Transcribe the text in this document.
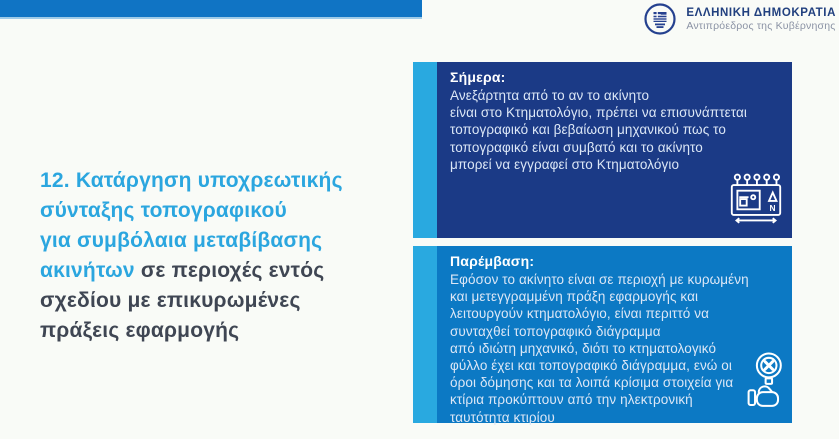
ΕΛΛΗΝΙΚΗ ΔΗΜΟΚΡΑΤΙΑ
Αντιπρόεδρος της Κυβέρνησης
12. Κατάργηση υποχρεωτικής
σύνταξης τοπογραφικού
για συμβόλαια μεταβίβασης
ακινήτων σε περιοχές εντός
σχεδίου με επικυρωμένες
πράξεις εφαρμογής
Σήμερα:
Ανεξάρτητα από το αν το ακίνητο
είναι στο Κτηματολόγιο, πρέπει να επισυνάπτεται
τοπογραφικό και βεβαίωση μηχανικού πως το
τοπογραφικό είναι συμβατό και το ακίνητο
μπορεί να εγγραφεί στο Κτηματολόγιο
N
Παρέμβαση:
Εφόσον το ακίνητο είναι σε περιοχή με κυρωμένη
και μετεγγραμμένη πράξη εφαρμογής και
λειτουργούν κτηματολόγιο, είναι περιττό να
συνταχθεί τοπογραφικό διάγραμμα
από ιδιώτη μηχανικό, διότι το κτηματολογικό
φύλλο έχει και τοπογραφικό διάγραμμα, ενώ οι
όροι δόμησης και τα λοιπά κρίσιμα στοιχεία για
κτίρια προκύπτουν από την ηλεκτρονική
ταυτότητα κτιρίου
